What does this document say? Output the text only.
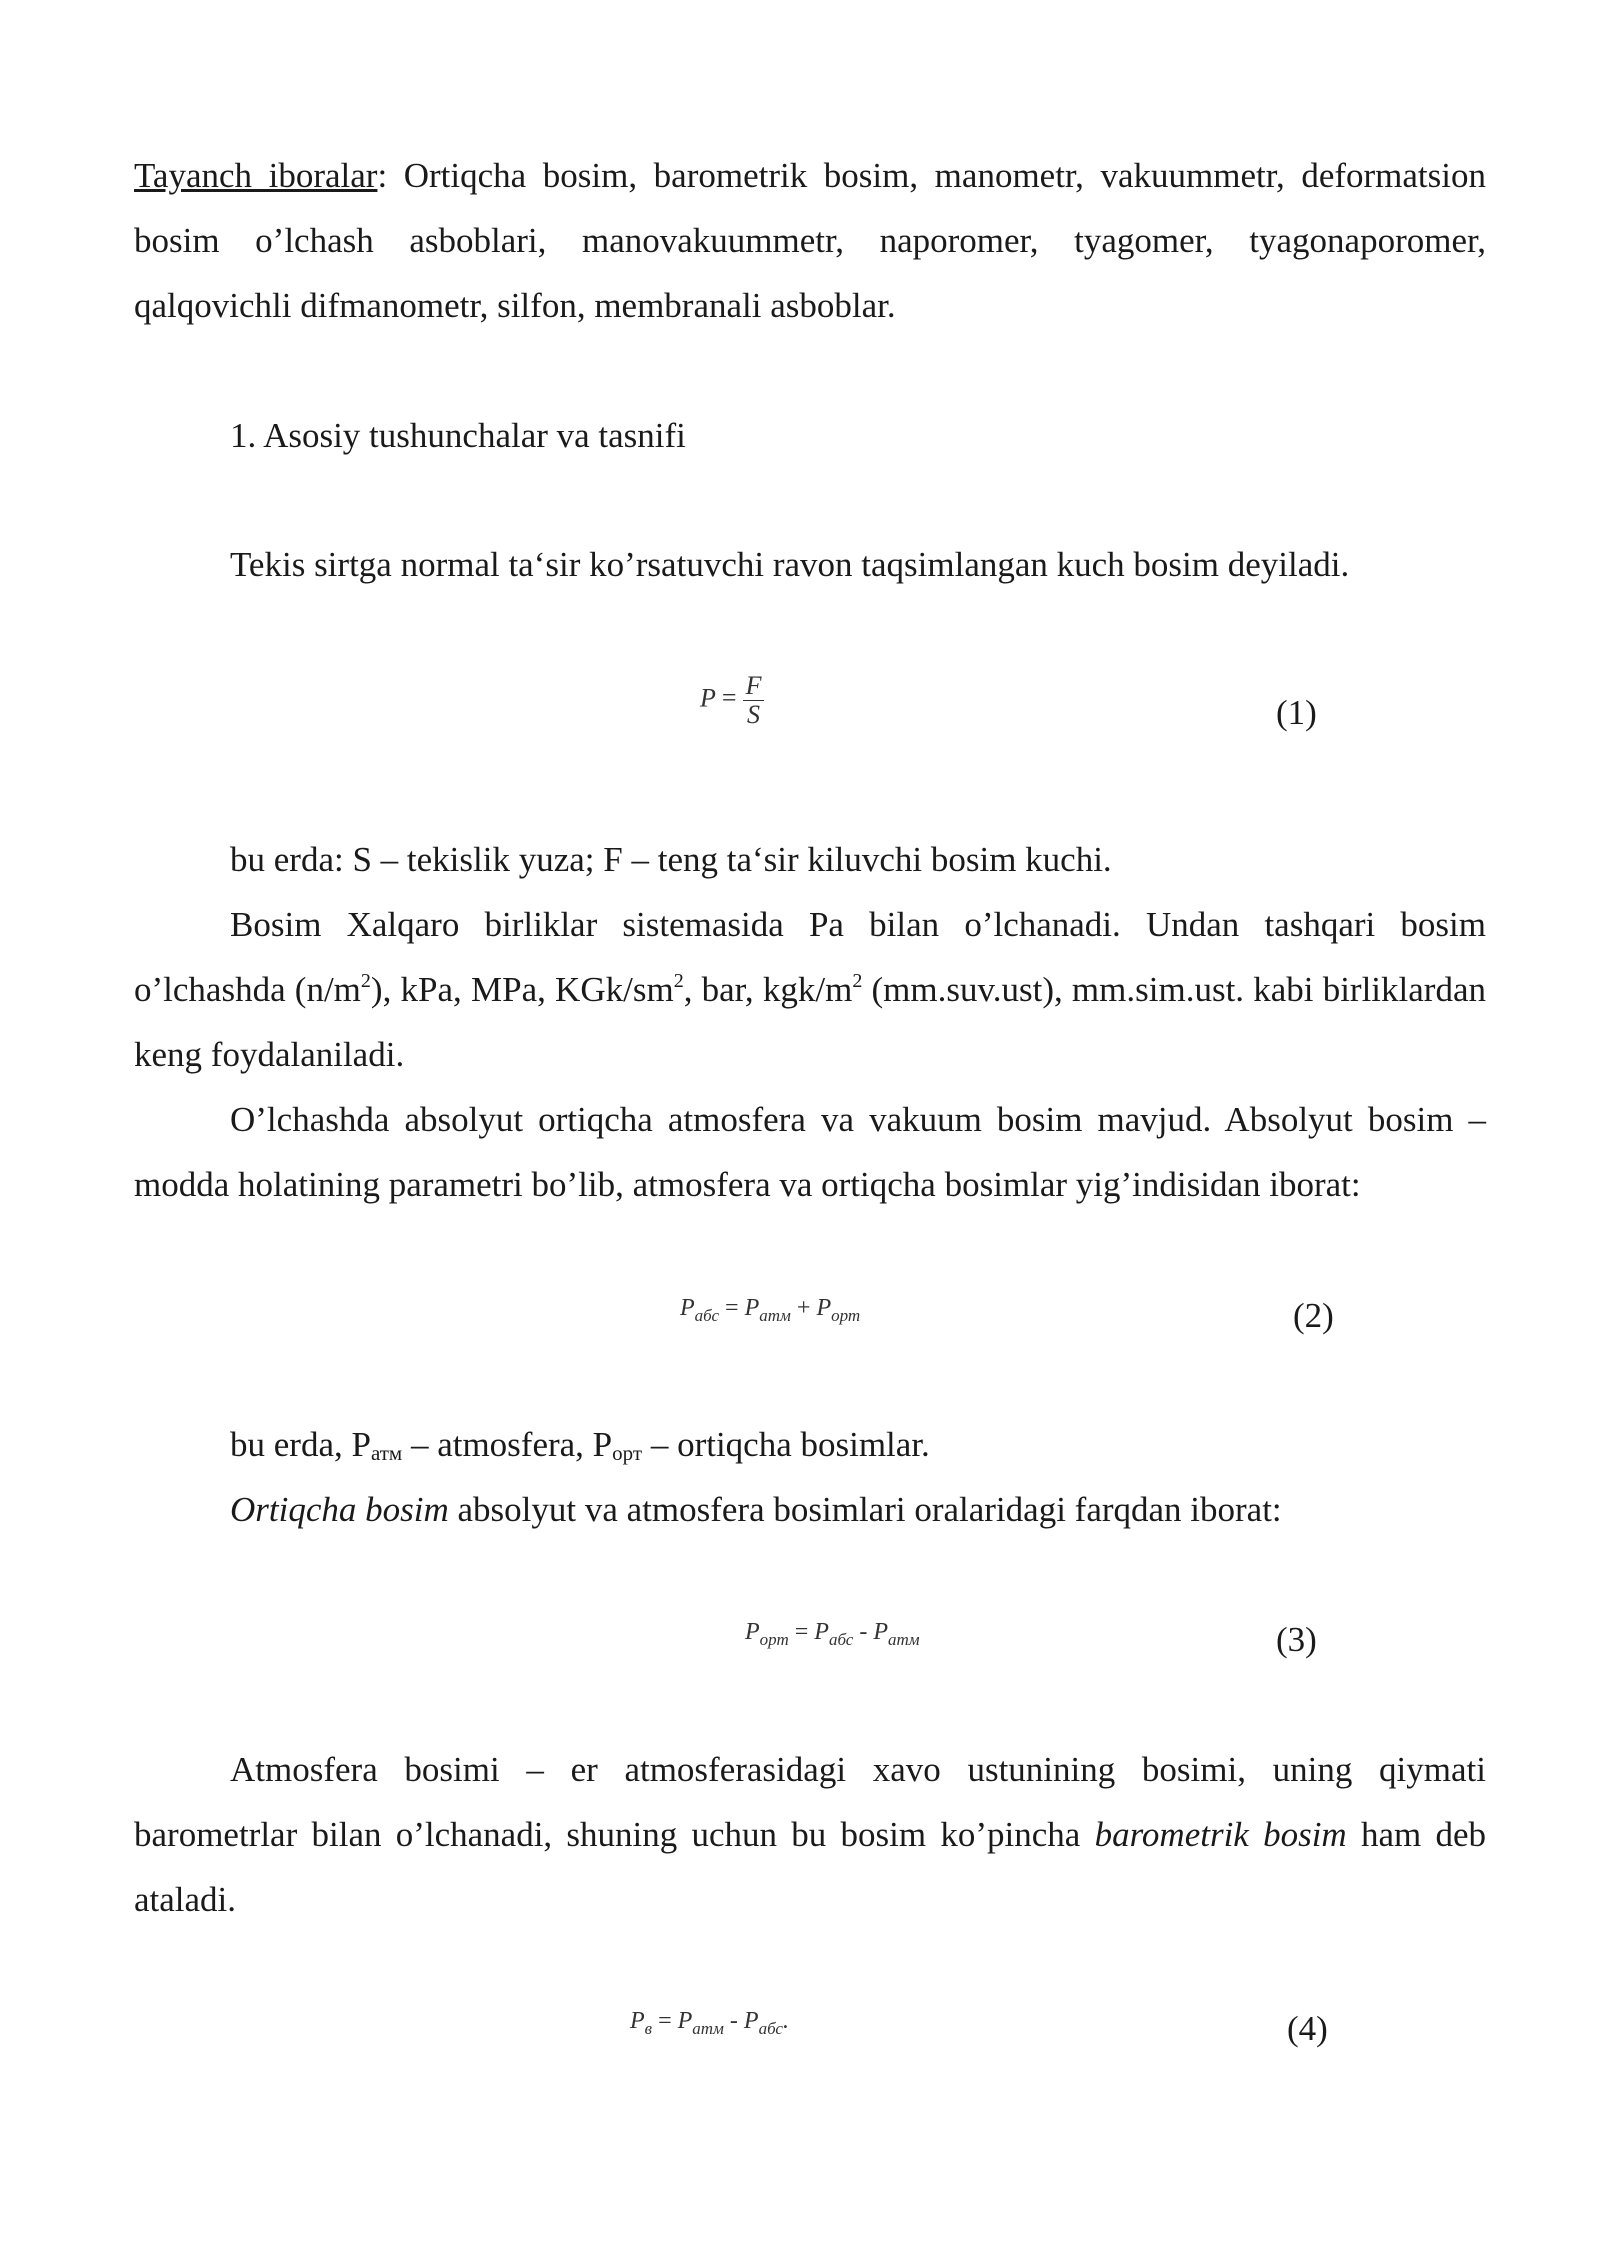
Tayanch iboralar: Ortiqcha bosim, barometrik bosim, manometr, vakuummetr, deformatsion bosim o’lchash asboblari, manovakuummetr, naporomer, tyagomer, tyagonaporomer, qalqovichli difmanometr, silfon, membranali asboblar.

1. Asosiy tushunchalar va tasnifi

Tekis sirtga normal ta‘sir ko’rsatuvchi ravon taqsimlangan kuch bosim deyiladi.

$P = \frac{F}{S}$	(1)

bu erda: S – tekislik yuza; F – teng ta‘sir kiluvchi bosim kuchi.

Bosim Xalqaro birliklar sistemasida Pa bilan o’lchanadi. Undan tashqari bosim o’lchashda $(n/m^2)$, kPa, MPa, KGk/$sm^2$, bar, kgk/$m^2$ (mm.suv.ust), mm.sim.ust. kabi birliklardan keng foydalaniladi.

O’lchashda absolyut ortiqcha atmosfera va vakuum bosim mavjud. Absolyut bosim – modda holatining parametri bo’lib, atmosfera va ortiqcha bosimlar yig’indisidan iborat:

$P_{абс} = P_{атм} + P_{орт}$	(2)

bu erda, Pатм – atmosfera, Pорт – ortiqcha bosimlar.

Ortiqcha bosim absolyut va atmosfera bosimlari oralaridagi farqdan iborat:

$P_{орт} = P_{абс} - P_{атм}$	(3)

Atmosfera bosimi – er atmosferasidagi xavo ustunining bosimi, uning qiymati barometrlar bilan o’lchanadi, shuning uchun bu bosim ko’pincha barometrik bosim ham deb ataladi.

$P_в = P_{атм} - P_{абс}$.	(4)
